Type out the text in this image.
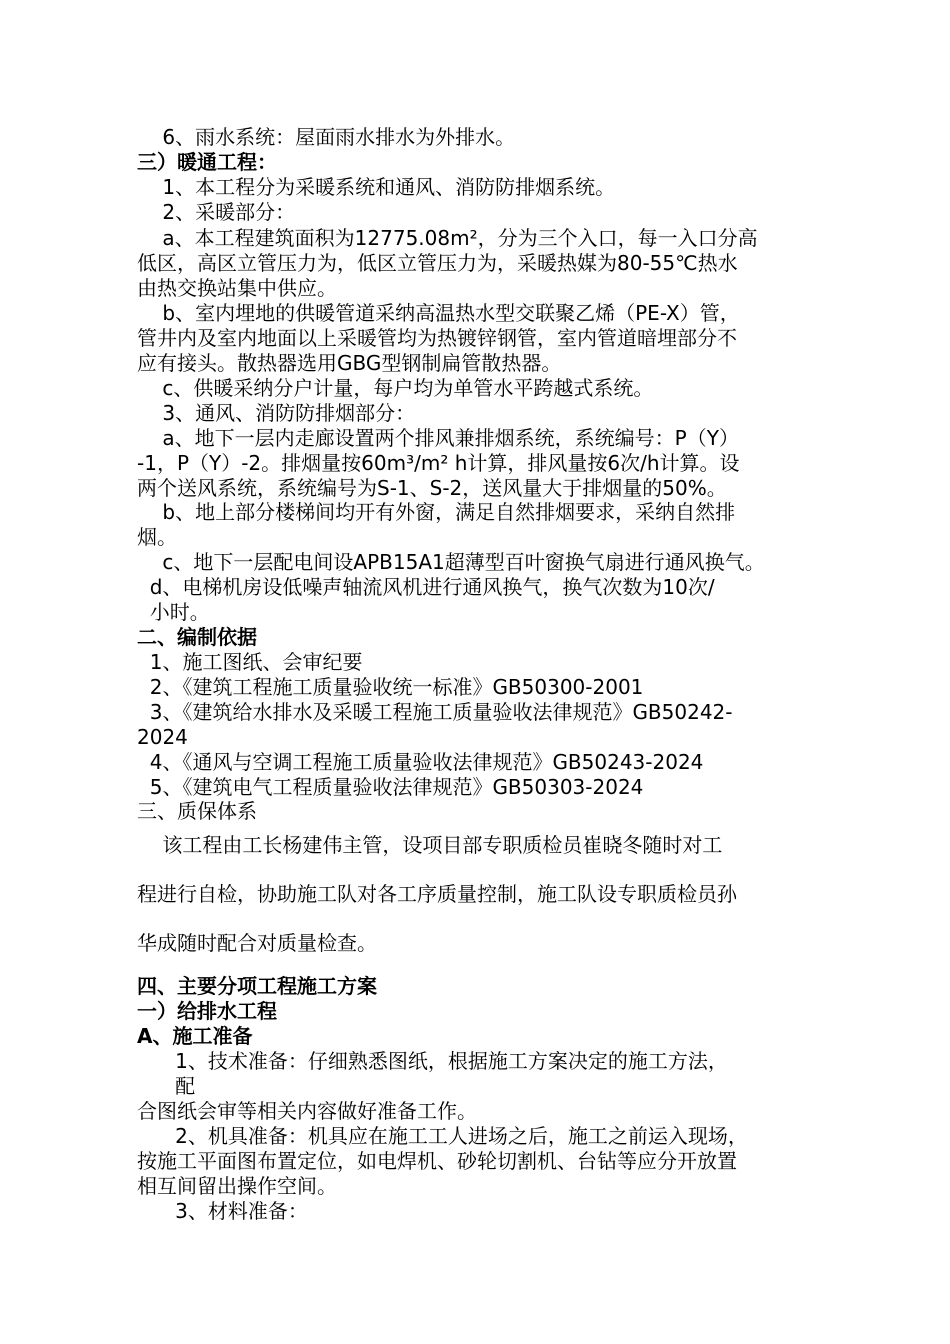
6、雨水系统：屋面雨水排水为外排水。

三）暖通工程：

1、本工程分为采暖系统和通风、消防防排烟系统。

2、采暖部分：

a、本工程建筑面积为12775.08m²，分为三个入口，每一入口分高

低区，高区立管压力为，低区立管压力为，采暖热媒为80-55℃热水

由热交换站集中供应。

b、室内埋地的供暖管道采纳高温热水型交联聚乙烯（PE-X）管，

管井内及室内地面以上采暖管均为热镀锌钢管，室内管道暗埋部分不

应有接头。散热器选用GBG型钢制扁管散热器。

c、供暖采纳分户计量，每户均为单管水平跨越式系统。

3、通风、消防防排烟部分：

a、地下一层内走廊设置两个排风兼排烟系统，系统编号：P（Y）

-1，P（Y）-2。排烟量按60m³/m² h计算，排风量按6次/h计算。设

两个送风系统，系统编号为S-1、S-2，送风量大于排烟量的50%。

b、地上部分楼梯间均开有外窗，满足自然排烟要求，采纳自然排

烟。

c、地下一层配电间设APB15A1超薄型百叶窗换气扇进行通风换气。

d、电梯机房设低噪声轴流风机进行通风换气，换气次数为10次/

小时。

二、编制依据

1、施工图纸、会审纪要

2、《建筑工程施工质量验收统一标准》GB50300-2001

3、《建筑给水排水及采暖工程施工质量验收法律规范》GB50242-

2024

4、《通风与空调工程施工质量验收法律规范》GB50243-2024

5、《建筑电气工程质量验收法律规范》GB50303-2024

三、质保体系

该工程由工长杨建伟主管，设项目部专职质检员崔晓冬随时对工

程进行自检，协助施工队对各工序质量控制，施工队设专职质检员孙

华成随时配合对质量检查。

四、主要分项工程施工方案

一）给排水工程

A、施工准备

1、技术准备：仔细熟悉图纸，根据施工方案决定的施工方法，

配

合图纸会审等相关内容做好准备工作。

2、机具准备：机具应在施工工人进场之后，施工之前运入现场，

按施工平面图布置定位，如电焊机、砂轮切割机、台钻等应分开放置

相互间留出操作空间。

3、材料准备：
